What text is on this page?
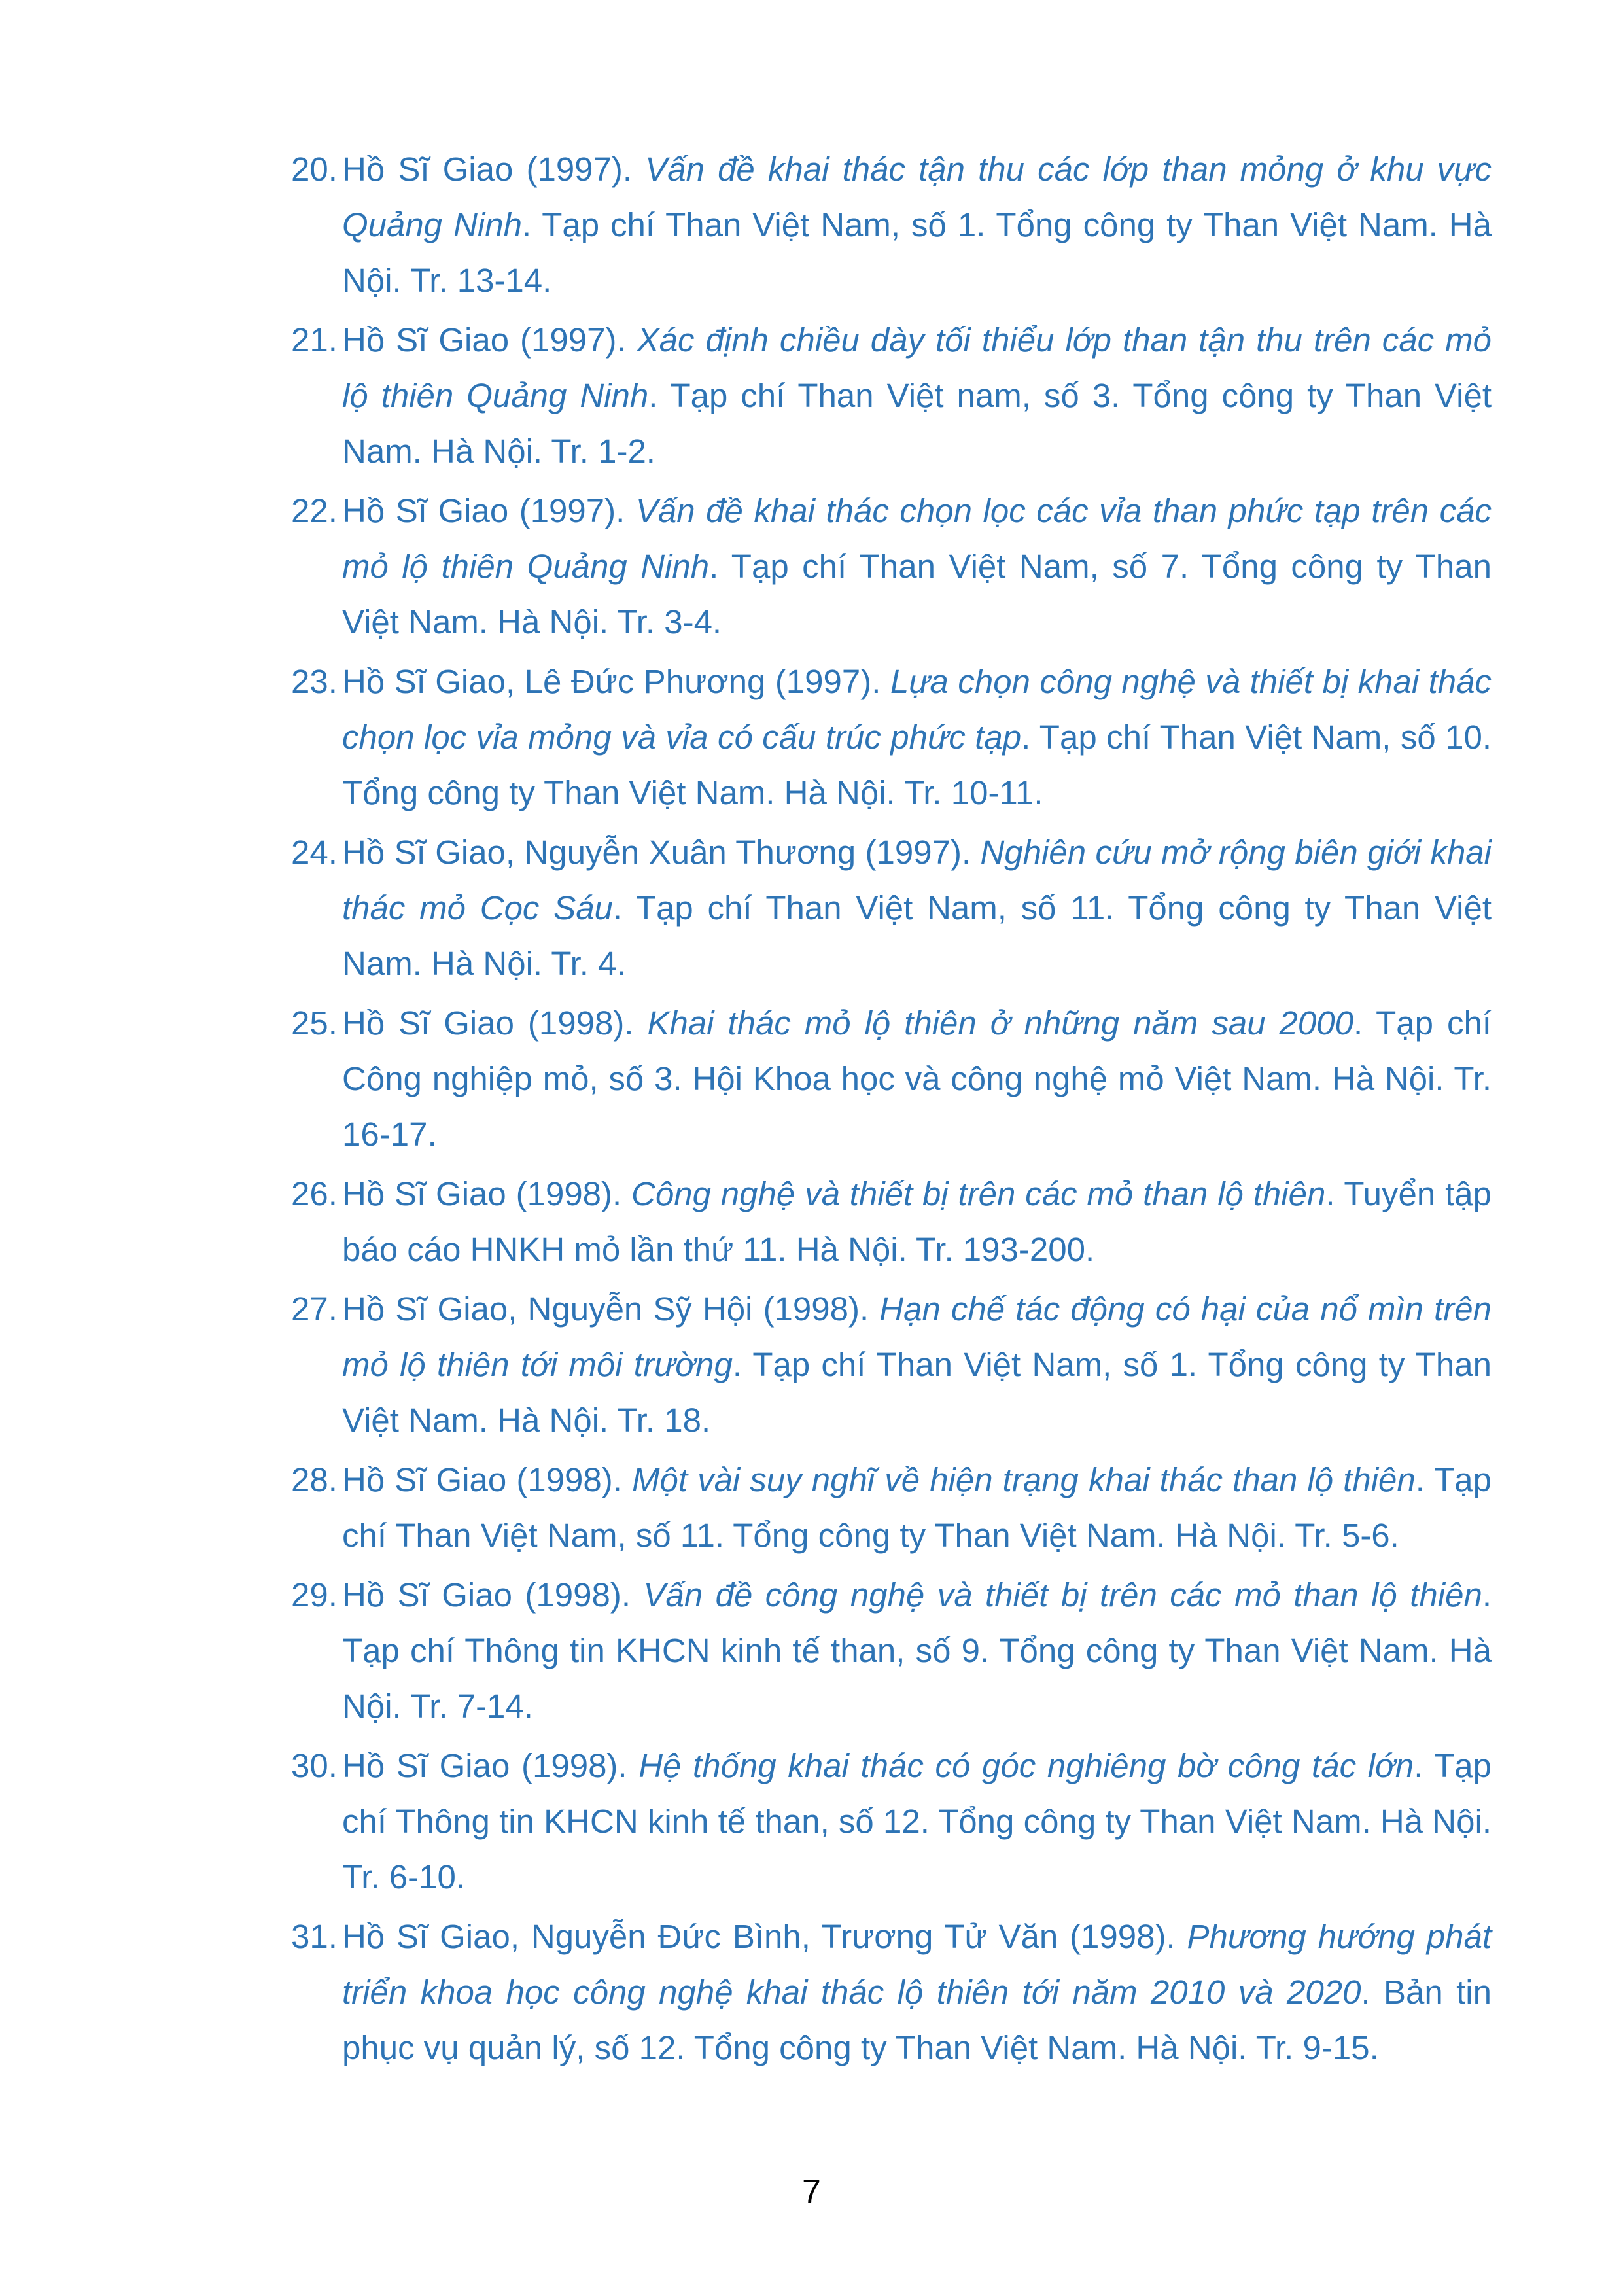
20. Hồ Sĩ Giao (1997). Vấn đề khai thác tận thu các lớp than mỏng ở khu vực Quảng Ninh. Tạp chí Than Việt Nam, số 1. Tổng công ty Than Việt Nam. Hà Nội. Tr. 13-14.
21. Hồ Sĩ Giao (1997). Xác định chiều dày tối thiểu lớp than tận thu trên các mỏ lộ thiên Quảng Ninh. Tạp chí Than Việt nam, số 3. Tổng công ty Than Việt Nam. Hà Nội. Tr. 1-2.
22. Hồ Sĩ Giao (1997). Vấn đề khai thác chọn lọc các vỉa than phức tạp trên các mỏ lộ thiên Quảng Ninh. Tạp chí Than Việt Nam, số 7. Tổng công ty Than Việt Nam. Hà Nội. Tr. 3-4.
23. Hồ Sĩ Giao, Lê Đức Phương (1997). Lựa chọn công nghệ và thiết bị khai thác chọn lọc vỉa mỏng và vỉa có cấu trúc phức tạp. Tạp chí Than Việt Nam, số 10. Tổng công ty Than Việt Nam. Hà Nội. Tr. 10-11.
24. Hồ Sĩ Giao, Nguyễn Xuân Thương (1997). Nghiên cứu mở rộng biên giới khai thác mỏ Cọc Sáu. Tạp chí Than Việt Nam, số 11. Tổng công ty Than Việt Nam. Hà Nội. Tr. 4.
25. Hồ Sĩ Giao (1998). Khai thác mỏ lộ thiên ở những năm sau 2000. Tạp chí Công nghiệp mỏ, số 3. Hội Khoa học và công nghệ mỏ Việt Nam. Hà Nội. Tr. 16-17.
26. Hồ Sĩ Giao (1998). Công nghệ và thiết bị trên các mỏ than lộ thiên. Tuyển tập báo cáo HNKH mỏ lần thứ 11. Hà Nội. Tr. 193-200.
27. Hồ Sĩ Giao, Nguyễn Sỹ Hội (1998). Hạn chế tác động có hại của nổ mìn trên mỏ lộ thiên tới môi trường. Tạp chí Than Việt Nam, số 1. Tổng công ty Than Việt Nam. Hà Nội. Tr. 18.
28. Hồ Sĩ Giao (1998). Một vài suy nghĩ về hiện trạng khai thác than lộ thiên. Tạp chí Than Việt Nam, số 11. Tổng công ty Than Việt Nam. Hà Nội. Tr. 5-6.
29. Hồ Sĩ Giao (1998). Vấn đề công nghệ và thiết bị trên các mỏ than lộ thiên. Tạp chí Thông tin KHCN kinh tế than, số 9. Tổng công ty Than Việt Nam. Hà Nội. Tr. 7-14.
30. Hồ Sĩ Giao (1998). Hệ thống khai thác có góc nghiêng bờ công tác lớn. Tạp chí Thông tin KHCN kinh tế than, số 12. Tổng công ty Than Việt Nam. Hà Nội. Tr. 6-10.
31. Hồ Sĩ Giao, Nguyễn Đức Bình, Trương Tử Văn (1998). Phương hướng phát triển khoa học công nghệ khai thác lộ thiên tới năm 2010 và 2020. Bản tin phục vụ quản lý, số 12. Tổng công ty Than Việt Nam. Hà Nội. Tr. 9-15.
7
